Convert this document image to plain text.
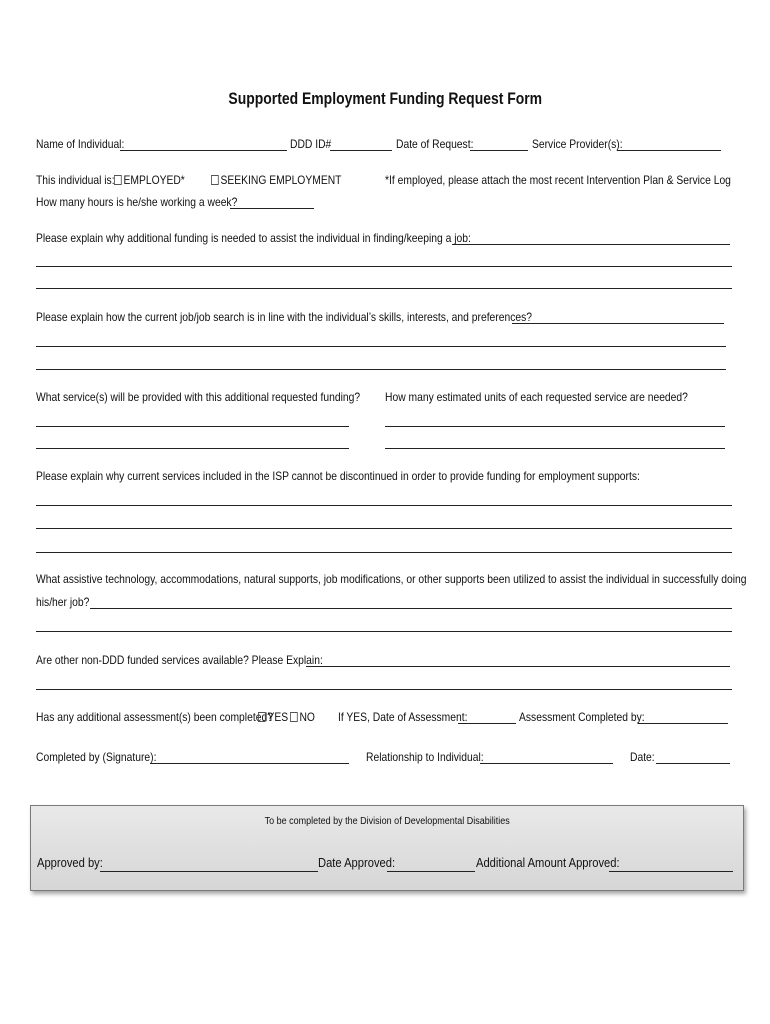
Supported Employment Funding Request Form
Name of Individual:	DDD ID#	Date of Request:	Service Provider(s):
This individual is: EMPLOYED*	SEEKING EMPLOYMENT	*If employed, please attach the most recent Intervention Plan & Service Log
How many hours is he/she working a week?
Please explain why additional funding is needed to assist the individual in finding/keeping a job:
Please explain how the current job/job search is in line with the individual’s skills, interests, and preferences?
What service(s) will be provided with this additional requested funding? How many estimated units of each requested service are needed?
Please explain why current services included in the ISP cannot be discontinued in order to provide funding for employment supports:
What assistive technology, accommodations, natural supports, job modifications, or other supports been utilized to assist the individual in successfully doing
his/her job?
Are other non-DDD funded services available? Please Explain:
Has any additional assessment(s) been completed?
YES NO If YES, Date of Assessment:	Assessment Completed by:
Completed by (Signature):	Relationship to Individual:	Date:
To be completed by the Division of Developmental Disabilities
Approved by:	Date Approved:	Additional Amount Approved:
